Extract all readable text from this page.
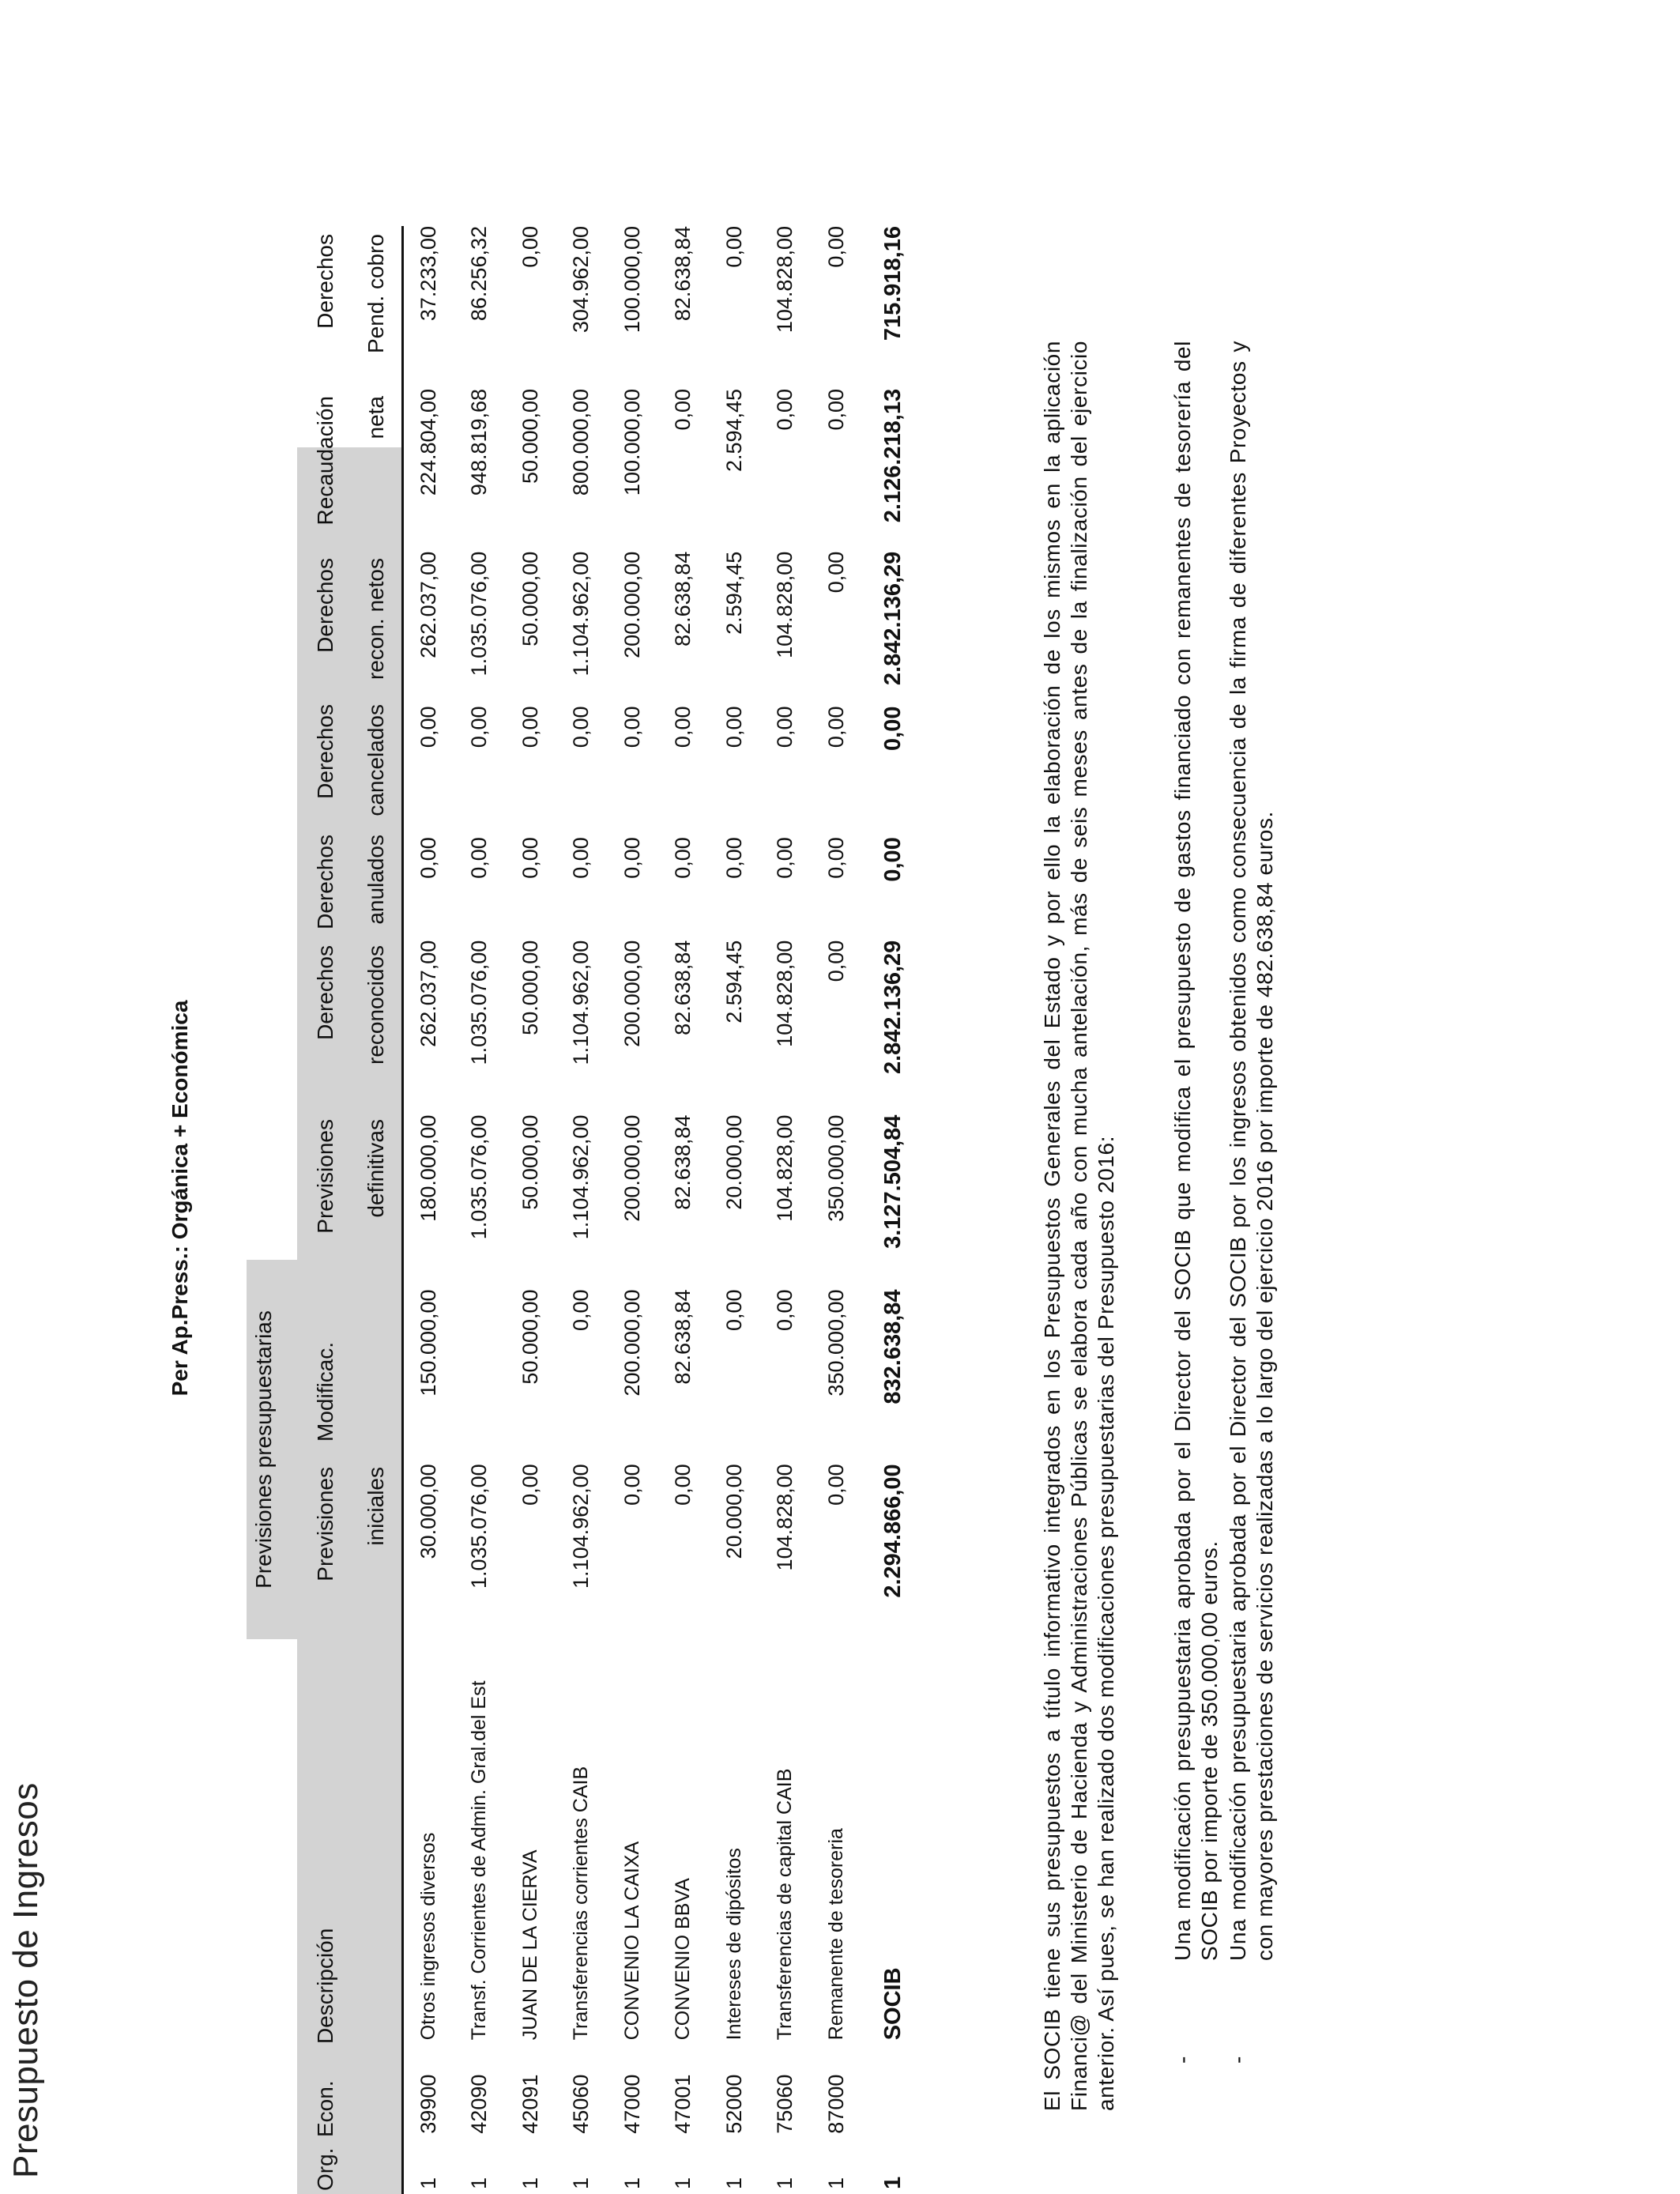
Presupuesto de Ingresos
Per Ap.Press.: Orgánica + Económica
Previsiones presupuestarias
Org.
Econ.
Descripción
Previsiones	iniciales
Modificac.
Previsiones	definitivas
Derechos	reconocidos
Derechos	anulados
Derechos	cancelados
Derechos	recon. netos
Recaudación	neta
Derechos	Pend. cobro
1	39900	Otros ingresos diversos	30.000,00	150.000,00	180.000,00	262.037,00	0,00	0,00	262.037,00	224.804,00	37.233,00
1	42090	Transf. Corrientes de Admin. Gral.del Est	1.035.076,00		1.035.076,00	1.035.076,00	0,00	0,00	1.035.076,00	948.819,68	86.256,32
1	42091	JUAN DE LA CIERVA	0,00	50.000,00	50.000,00	50.000,00	0,00	0,00	50.000,00	50.000,00	0,00
1	45060	Transferencias corrientes CAIB	1.104.962,00	0,00	1.104.962,00	1.104.962,00	0,00	0,00	1.104.962,00	800.000,00	304.962,00
1	47000	CONVENIO LA CAIXA	0,00	200.000,00	200.000,00	200.000,00	0,00	0,00	200.000,00	100.000,00	100.000,00
1	47001	CONVENIO BBVA	0,00	82.638,84	82.638,84	82.638,84	0,00	0,00	82.638,84	0,00	82.638,84
1	52000	Intereses de dipósitos	20.000,00	0,00	20.000,00	2.594,45	0,00	0,00	2.594,45	2.594,45	0,00
1	75060	Transferencias de capital CAIB	104.828,00	0,00	104.828,00	104.828,00	0,00	0,00	104.828,00	0,00	104.828,00
1	87000	Remanente de tesoreria	0,00	350.000,00	350.000,00	0,00	0,00	0,00	0,00	0,00	0,00
1		SOCIB	2.294.866,00	832.638,84	3.127.504,84	2.842.136,29	0,00	0,00	2.842.136,29	2.126.218,13	715.918,16
El SOCIB tiene sus presupuestos a título informativo integrados en los Presupuestos Generales del Estado y por ello la elaboración de los mismos en la aplicación Financi@ del Ministerio de Hacienda y Administraciones Públicas se elabora cada año con mucha antelación, más de seis meses antes de la finalización del ejercicio anterior. Así pues, se han realizado dos modificaciones presupuestarias del Presupuesto 2016: -
Una modificación presupuestaria aprobada por el Director del SOCIB que modifica el presupuesto de gastos financiado con remanentes de tesorería del SOCIB por importe de 350.000,00 euros.
-
Una modificación presupuestaria aprobada por el Director del SOCIB por los ingresos obtenidos como consecuencia de la firma de diferentes Proyectos y con mayores prestaciones de servicios realizadas a lo largo del ejercicio 2016 por importe de 482.638,84 euros.
